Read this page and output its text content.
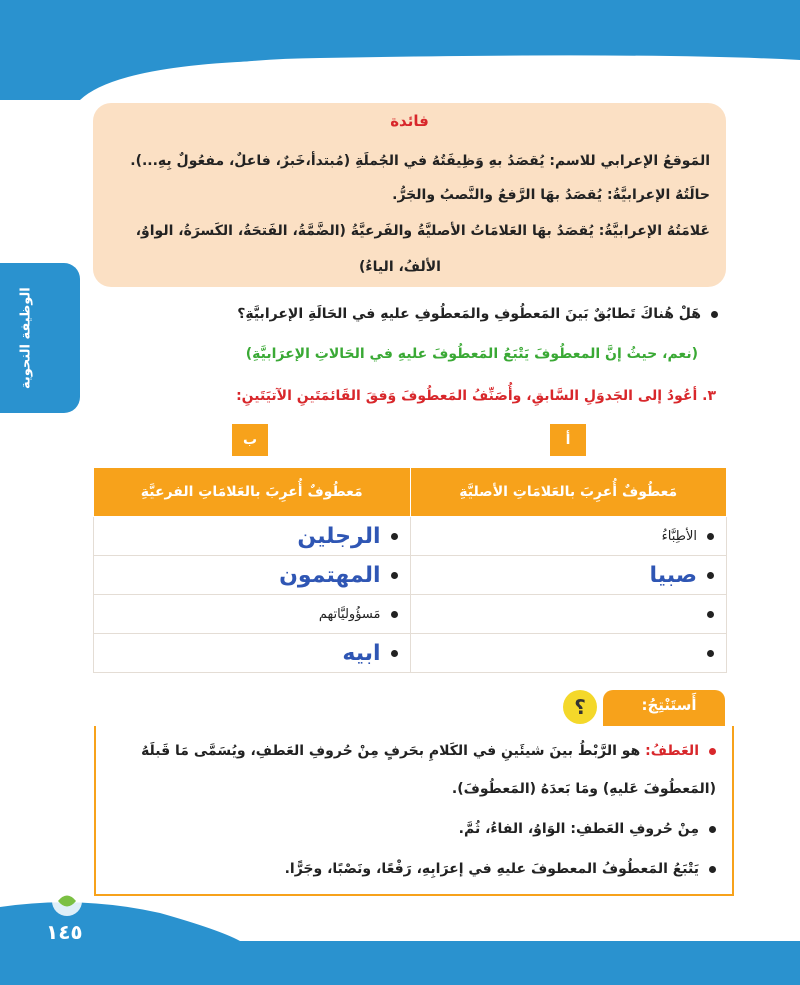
الوظيفة النحوية
فائدة
المَوقعُ الإعرابي للاسم: يُقصَدُ بهِ وَظِيفَتُهُ في الجُملَةِ (مُبتدأ،خَبرٌ، فاعلٌ، مفعُولٌ بِهِ...).
حالَتُهُ الإعرابيَّةُ: يُقصَدُ بهَا الرَّفعُ والنَّصبُ والجَرُّ.
عَلامَتُهُ الإعرابيَّةُ: يُقصَدُ بهَا العَلامَاتُ الأصليَّةُ والفَرعيَّةُ (الضَّمَّةُ، الفَتحَةُ، الكَسرَةُ، الواوُ،
الألفُ، الياءُ)
هَلْ هُناكَ تَطابُقٌ بَينَ المَعطُوفِ والمَعطُوفِ عليهِ في الحَالَةِ الإعرابيَّةِ؟
(نعم، حيثُ إنَّ المعطُوفَ يَتْبَعُ المَعطُوفَ عليهِ في الحَالاتِ الإعرَابيَّةِ)
٣. أعُودُ إلى الجَدوَلِ السَّابقِ، وأُصَنِّفُ المَعطُوفَ وَفقَ القَائمَتَينِ الآتيَتَينِ:
أ
ب
مَعطُوفٌ أُعرِبَ بالعَلامَاتِ الأصليَّةِ	مَعطُوفٌ أُعرِبَ بالعَلامَاتِ الفرعيَّةِ
الأطِبَّاءُ	الرجلين
صبيا	المهتمون
	مَسؤُوليَّاتهم
	ابيه
أَستَنْتِجُ:
؟
العَطفُ: هو الرَّبْطُ بينَ شيئَينِ في الكَلامِ بحَرفٍ مِنْ حُروفِ العَطفِ، ويُسَمَّى مَا قَبلَهُ
(المَعطُوفَ عَليهِ) ومَا بَعدَهُ (المَعطُوفَ).
مِنْ حُروفِ العَطفِ: الوَاوُ، الفاءُ، ثُمَّ.
يَتْبَعُ المَعطُوفُ المعطوفَ عليهِ في إعرَابِهِ، رَفْعًا، ونَصْبًا، وجَرًّا.
١٤٥
